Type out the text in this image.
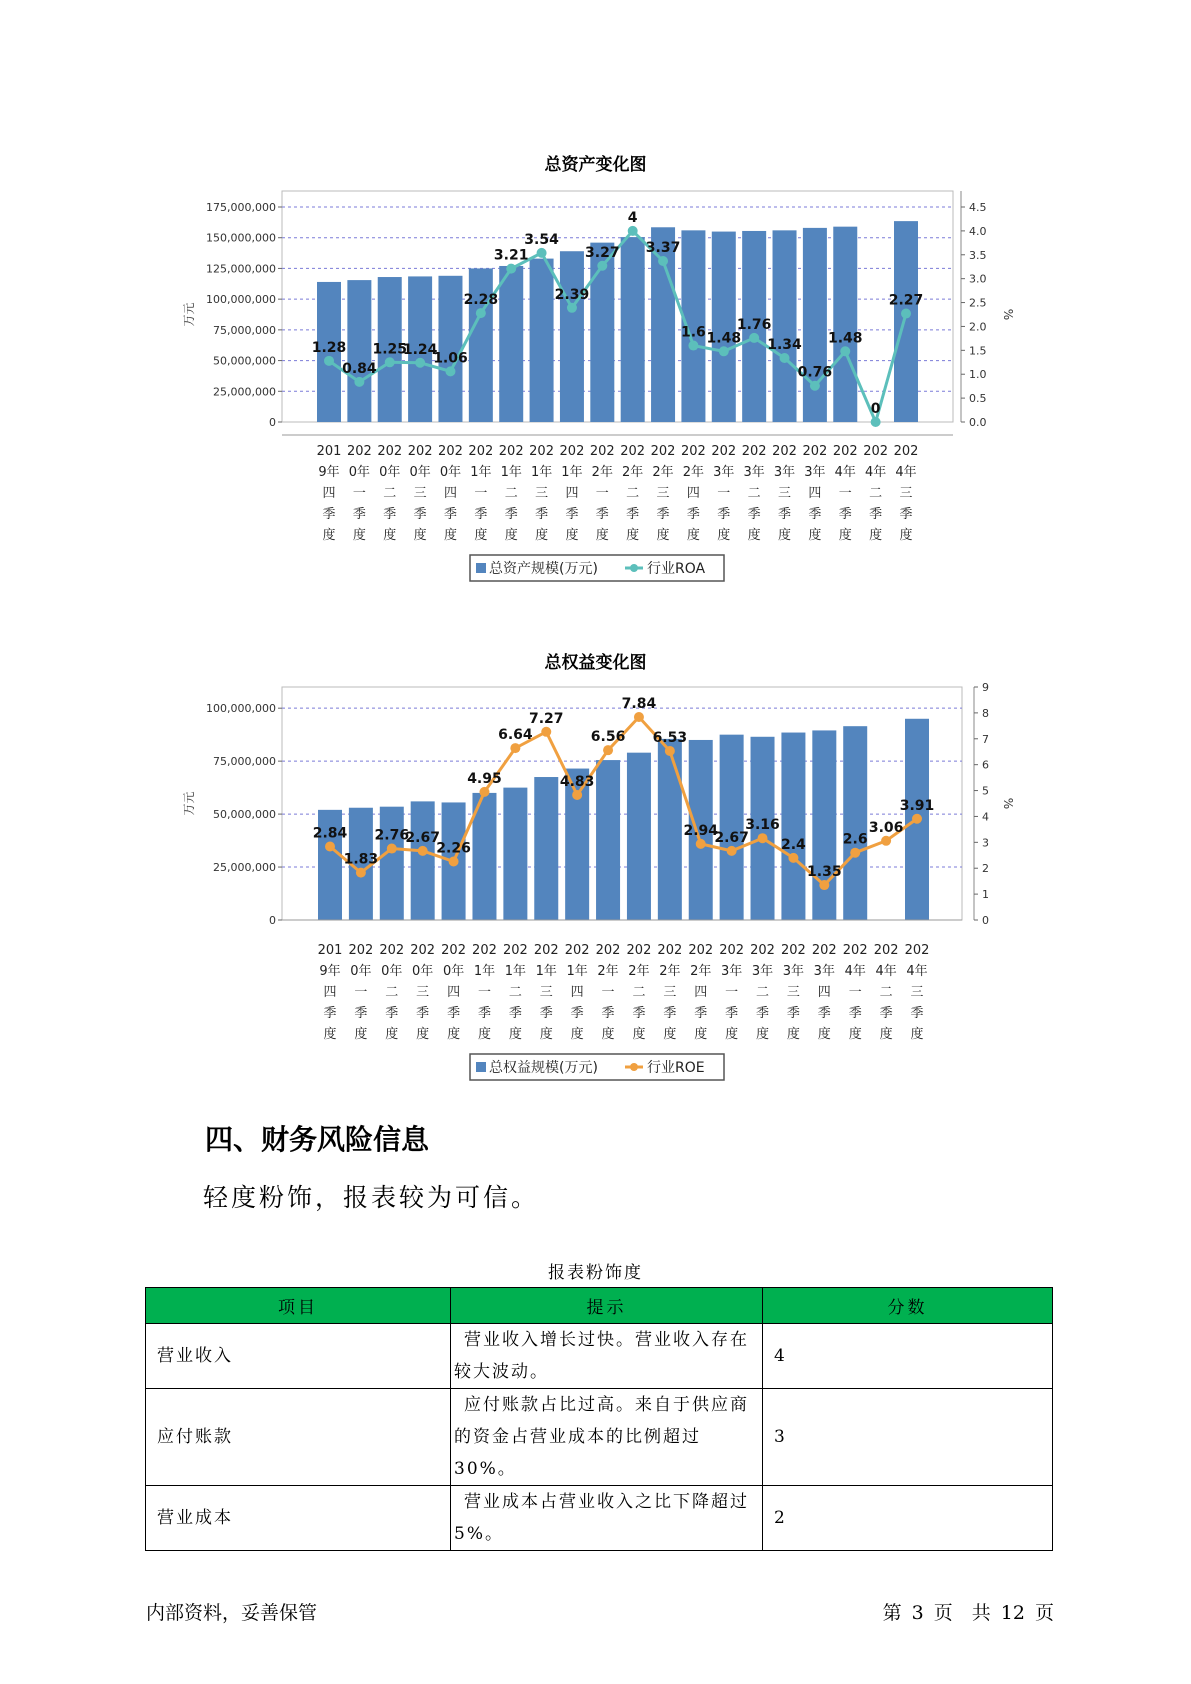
总资产变化图
0
25,000,000
50,000,000
75,000,000
100,000,000
125,000,000
150,000,000
175,000,000
0.0
0.5
1.0
1.5
2.0
2.5
3.0
3.5
4.0
4.5
万元	%
1.28
0.84
1.25
1.24
1.06
2.28
3.21
3.54
2.39
3.27
4
3.37
1.6 1.48
1.76
1.34
0.76
1.48
0
2.27
201
9年
四
季
度
202
0年
一
季
度
202
0年
二
季
度
202
0年
三
季
度
202
0年
四
季
度
202
1年
一
季
度
202
1年
二
季
度
202
1年
三
季
度
202
1年
四
季
度
202
2年
一
季
度
202
2年
二
季
度
202
2年
三
季
度
202
2年
四
季
度
202
3年
一
季
度
202
3年
二
季
度
202
3年
三
季
度
202
3年
四
季
度
202
4年
一
季
度
202
4年
二
季
度
202
4年
三
季
度
总资产规模(万元)	行业ROA
总权益变化图
0
25,000,000
50,000,000
75,000,000
100,000,000
0
1
2
3
4
5
6
7
8
9
万元	%
2.84
1.83
2.76
2.67
2.26
4.95
6.64
7.27
4.83
6.56
7.84
6.53
2.94
2.67
3.16
2.4
1.35
2.6
3.06
3.91
201
9年
四
季
度
202
0年
一
季
度
202
0年
二
季
度
202
0年
三
季
度
202
0年
四
季
度
202
1年
一
季
度
202
1年
二
季
度
202
1年
三
季
度
202
1年
四
季
度
202
2年
一
季
度
202
2年
二
季
度
202
2年
三
季
度
202
2年
四
季
度
202
3年
一
季
度
202
3年
二
季
度
202
3年
三
季
度
202
3年
四
季
度
202
4年
一
季
度
202
4年
二
季
度
202
4年
三
季
度
总权益规模(万元)	行业ROE
四、财务风险信息
轻度粉饰，报表较为可信。
报表粉饰度
项目	提示	分数
营业收入	营业收入增长过快。营业收入存在较大波动。	4
应付账款	应付账款占比过高。来自于供应商的资金占营业成本的比例超过30%。	3
营业成本	营业成本占营业收入之比下降超过5%。	2
内部资料，妥善保管	第 3 页　共 12 页
